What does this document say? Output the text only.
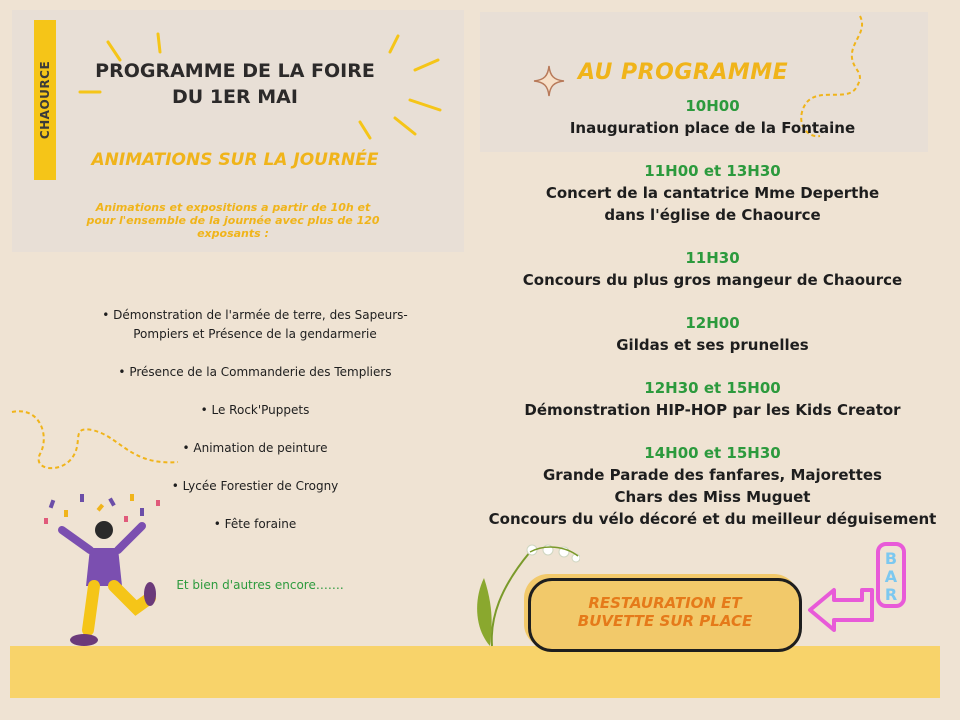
CHAOURCE PROGRAMME DE LA FOIRE
DU 1ER MAI
ANIMATIONS SUR LA JOURNÉE
Animations et expositions a partir de 10h et pour l'ensemble de la journée avec plus de 120 exposants :

• Démonstration de l'armée de terre, des Sapeurs-Pompiers et Présence de la gendarmerie

• Présence de la Commanderie des Templiers

• Le Rock'Puppets

• Animation de peinture

• Lycée Forestier de Crogny

• Fête foraine

Et bien d'autres encore…….
AU PROGRAMME
10H00
Inauguration place de la Fontaine
11H00 et 13H30
Concert de la cantatrice Mme Deperthe
dans l'église de Chaource
11H30
Concours du plus gros mangeur de Chaource
12H00
Gildas et ses prunelles
12H30 et 15H00
Démonstration HIP-HOP par les Kids Creator
14H00 et 15H30
Grande Parade des fanfares, Majorettes
Chars des Miss Muguet
Concours du vélo décoré et du meilleur déguisement
RESTAURATION ET
BUVETTE SUR PLACE
B
A
R
